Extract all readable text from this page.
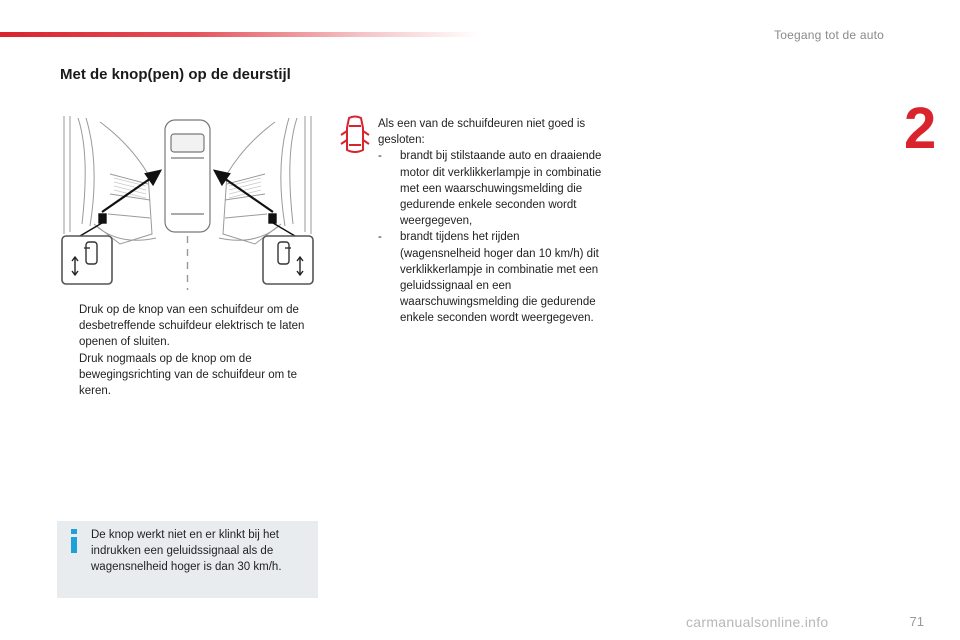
Toegang tot de auto
2
Met de knop(pen) op de deurstijl
Druk op de knop van een schuifdeur om de desbetreffende schuifdeur elektrisch te laten openen of sluiten.
Druk nogmaals op de knop om de bewegingsrichting van de schuifdeur om te keren.
Als een van de schuifdeuren niet goed is gesloten:
- brandt bij stilstaande auto en draaiende motor dit verklikkerlampje in combinatie met een waarschuwingsmelding die gedurende enkele seconden wordt weergegeven,
- brandt tijdens het rijden (wagensnelheid hoger dan 10 km/h) dit verklikkerlampje in combinatie met een geluidssignaal en een waarschuwingsmelding die gedurende enkele seconden wordt weergegeven.
De knop werkt niet en er klinkt bij het indrukken een geluidssignaal als de wagensnelheid hoger is dan 30 km/h.
carmanualsonline.info	71
